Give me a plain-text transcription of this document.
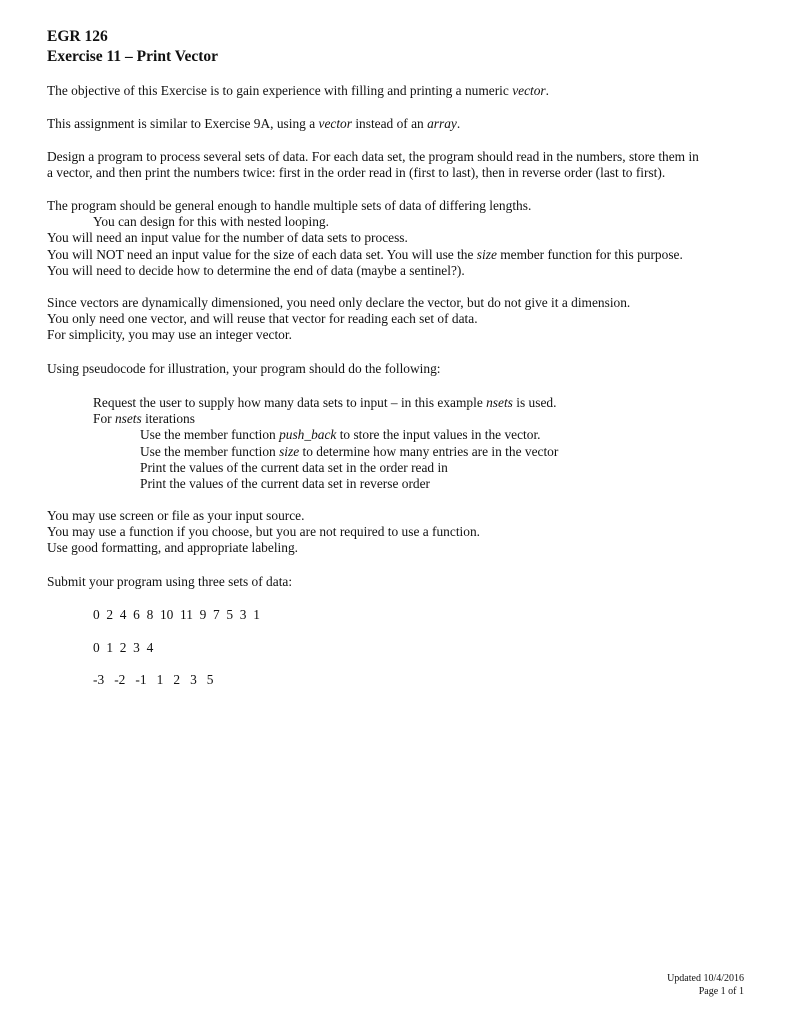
EGR 126
Exercise 11 – Print Vector

The objective of this Exercise is to gain experience with filling and printing a numeric vector.

This assignment is similar to Exercise 9A, using a vector instead of an array.

Design a program to process several sets of data. For each data set, the program should read in the numbers, store them in
a vector, and then print the numbers twice: first in the order read in (first to last), then in reverse order (last to first).

The program should be general enough to handle multiple sets of data of differing lengths.
You can design for this with nested looping.
You will need an input value for the number of data sets to process.
You will NOT need an input value for the size of each data set. You will use the size member function for this purpose.
You will need to decide how to determine the end of data (maybe a sentinel?).

Since vectors are dynamically dimensioned, you need only declare the vector, but do not give it a dimension.
You only need one vector, and will reuse that vector for reading each set of data.
For simplicity, you may use an integer vector.

Using pseudocode for illustration, your program should do the following:

Request the user to supply how many data sets to input – in this example nsets is used.
For nsets iterations
Use the member function push_back to store the input values in the vector.
Use the member function size to determine how many entries are in the vector
Print the values of the current data set in the order read in
Print the values of the current data set in reverse order

You may use screen or file as your input source.
You may use a function if you choose, but you are not required to use a function.
Use good formatting, and appropriate labeling.

Submit your program using three sets of data:

0  2  4  6  8  10  11  9  7  5  3  1

0  1  2  3  4

-3   -2   -1   1   2   3   5

Updated 10/4/2016
Page 1 of 1
